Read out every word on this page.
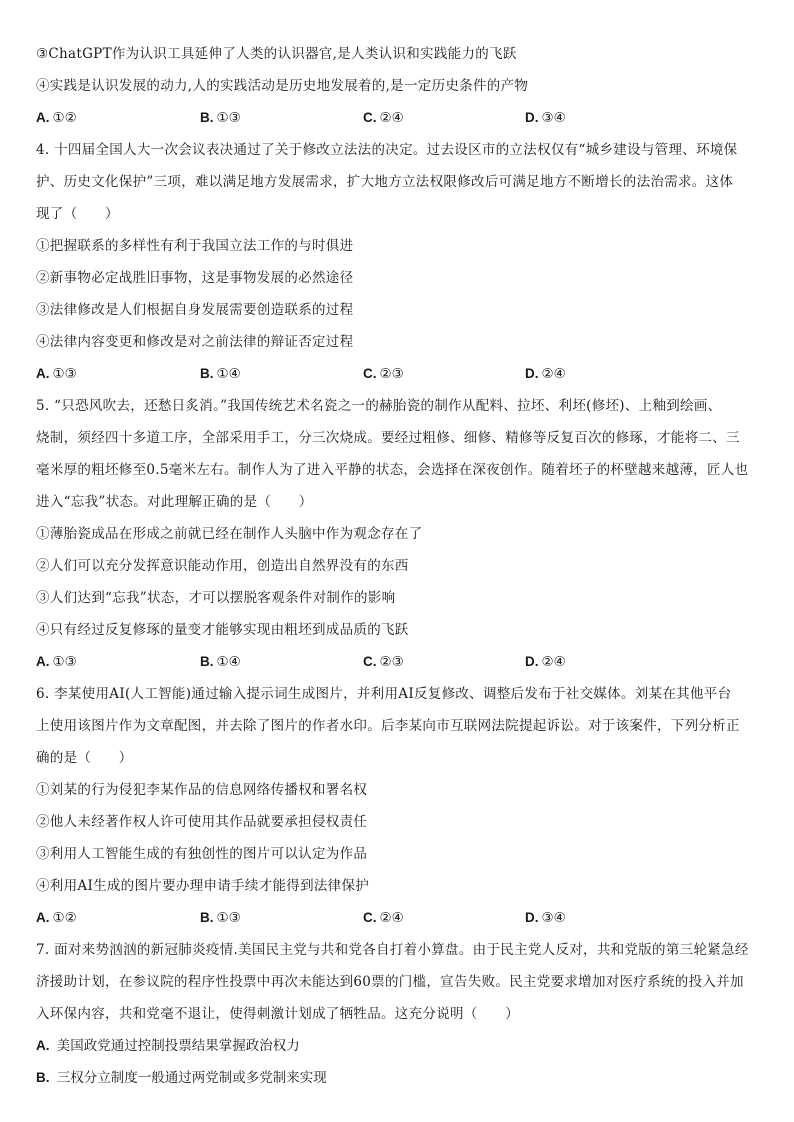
③ChatGPT作为认识工具延伸了人类的认识器官,是人类认识和实践能力的飞跃
④实践是认识发展的动力,人的实践活动是历史地发展着的,是一定历史条件的产物
A. ①②	B. ①③	C. ②④	D. ③④
4. 十四届全国人大一次会议表决通过了关于修改立法法的决定。过去设区市的立法权仅有“城乡建设与管理、环境保
护、历史文化保护”三项，难以满足地方发展需求，扩大地方立法权限修改后可满足地方不断增长的法治需求。这体
现了（　　）
①把握联系的多样性有利于我国立法工作的与时俱进
②新事物必定战胜旧事物，这是事物发展的必然途径
③法律修改是人们根据自身发展需要创造联系的过程
④法律内容变更和修改是对之前法律的辩证否定过程
A. ①③	B. ①④	C. ②③	D. ②④
5. “只恐风吹去，还愁日炙消。”我国传统艺术名瓷之一的赫胎瓷的制作从配料、拉坯、利坯(修坯)、上釉到绘画、
烧制，须经四十多道工序，全部采用手工，分三次烧成。要经过粗修、细修、精修等反复百次的修琢，才能将二、三
毫米厚的粗坯修至0.5毫米左右。制作人为了进入平静的状态，会选择在深夜创作。随着坯子的杯壁越来越薄，匠人也
进入“忘我”状态。对此理解正确的是（　　）
①薄胎瓷成品在形成之前就已经在制作人头脑中作为观念存在了
②人们可以充分发挥意识能动作用，创造出自然界没有的东西
③人们达到“忘我”状态，才可以摆脱客观条件对制作的影响
④只有经过反复修琢的量变才能够实现由粗坯到成品质的飞跃
A. ①③	B. ①④	C. ②③	D. ②④
6. 李某使用AI(人工智能)通过输入提示词生成图片，并利用AI反复修改、调整后发布于社交媒体。刘某在其他平台
上使用该图片作为文章配图，并去除了图片的作者水印。后李某向市互联网法院提起诉讼。对于该案件，下列分析正
确的是（　　）
①刘某的行为侵犯李某作品的信息网络传播权和署名权
②他人未经著作权人许可使用其作品就要承担侵权责任
③利用人工智能生成的有独创性的图片可以认定为作品
④利用AI生成的图片要办理申请手续才能得到法律保护
A. ①②	B. ①③	C. ②④	D. ③④
7. 面对来势汹汹的新冠肺炎疫情.美国民主党与共和党各自打着小算盘。由于民主党人反对，共和党版的第三轮紧急经
济援助计划，在参议院的程序性投票中再次未能达到60票的门槛，宣告失败。民主党要求增加对医疗系统的投入并加
入环保内容，共和党毫不退让，使得刺激计划成了牺牲品。这充分说明（　　）
A. 美国政党通过控制投票结果掌握政治权力
B. 三权分立制度一般通过两党制或多党制来实现
